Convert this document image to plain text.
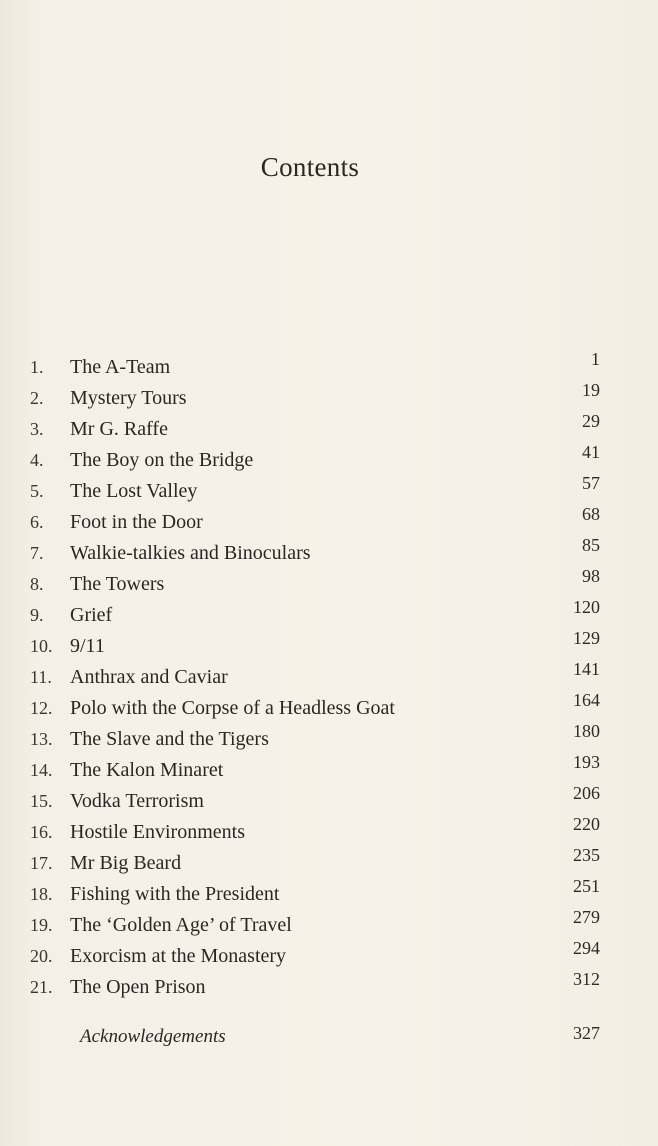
Contents
1.	The A-Team	1
2.	Mystery Tours	19
3.	Mr G. Raffe	29
4.	The Boy on the Bridge	41
5.	The Lost Valley	57
6.	Foot in the Door	68
7.	Walkie-talkies and Binoculars	85
8.	The Towers	98
9.	Grief	120
10. 9/11	129
11. Anthrax and Caviar	141
12. Polo with the Corpse of a Headless Goat	164
13. The Slave and the Tigers	180
14. The Kalon Minaret	193
15. Vodka Terrorism	206
16. Hostile Environments	220
17. Mr Big Beard	235
18. Fishing with the President	251
19. The ‘Golden Age’ of Travel	279
20. Exorcism at the Monastery	294
21. The Open Prison	312
Acknowledgements	327
